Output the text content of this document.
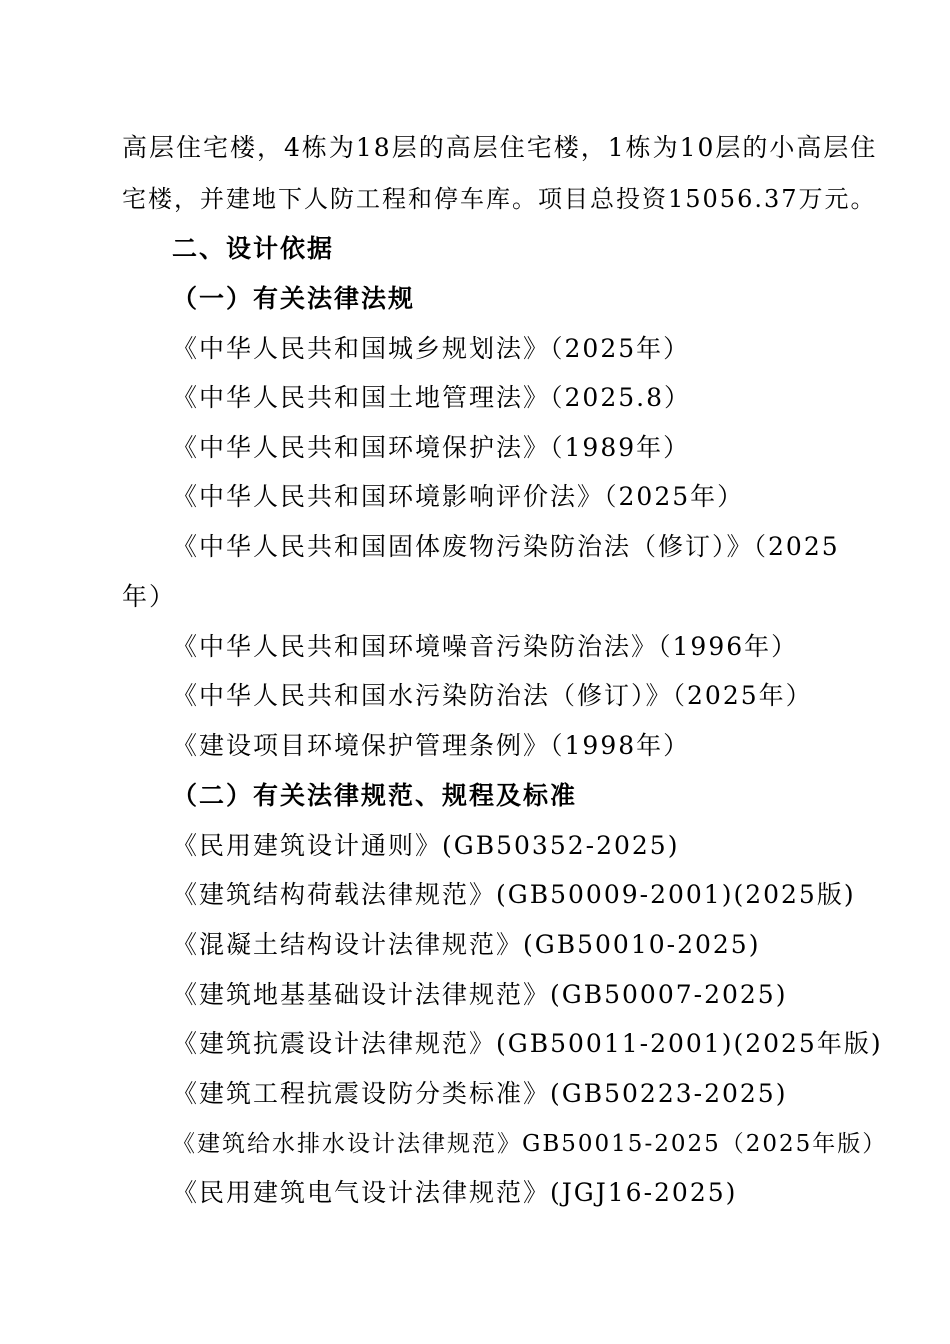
高层住宅楼，4栋为18层的高层住宅楼，1栋为10层的小高层住
宅楼，并建地下人防工程和停车库。项目总投资15056.37万元。
二、设计依据
（一）有关法律法规
《中华人民共和国城乡规划法》（2025年）
《中华人民共和国土地管理法》（2025.8）
《中华人民共和国环境保护法》（1989年）
《中华人民共和国环境影响评价法》（2025年）
《中华人民共和国固体废物污染防治法（修订）》（2025
年）
《中华人民共和国环境噪音污染防治法》（1996年）
《中华人民共和国水污染防治法（修订）》（2025年）
《建设项目环境保护管理条例》（1998年）
（二）有关法律规范、规程及标准
《民用建筑设计通则》(GB50352-2025)
《建筑结构荷载法律规范》(GB50009-2001)(2025版)
《混凝土结构设计法律规范》(GB50010-2025)
《建筑地基基础设计法律规范》(GB50007-2025)
《建筑抗震设计法律规范》(GB50011-2001)(2025年版)
《建筑工程抗震设防分类标准》(GB50223-2025)
《建筑给水排水设计法律规范》GB50015-2025（2025年版）
《民用建筑电气设计法律规范》(JGJ16-2025)
